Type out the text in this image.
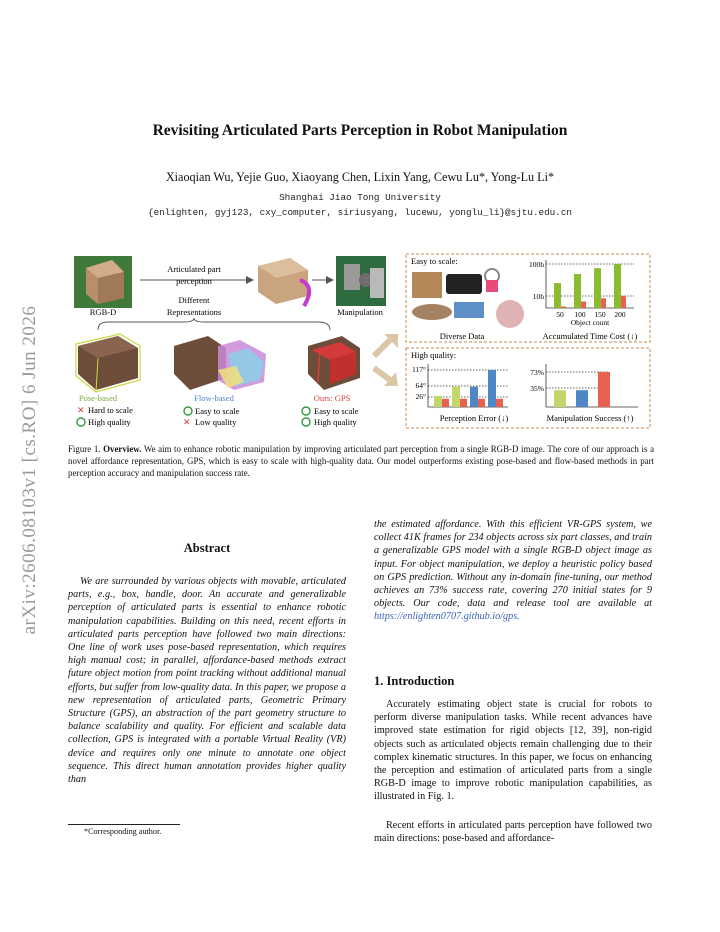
arXiv:2606.08103v1 [cs.RO] 6 Jun 2026
Revisiting Articulated Parts Perception in Robot Manipulation
Xiaoqian Wu, Yejie Guo, Xiaoyang Chen, Lixin Yang, Cewu Lu*, Yong-Lu Li*
Shanghai Jiao Tong University
{enlighten, gyj123, cxy_computer, siriusyang, lucewu, yonglu_li}@sjtu.edu.cn
RGB-D
Articulated part
perception
Manipulation
Different
Representations
Pose-based
✕ Hard to scale
High quality
Flow-based
Easy to scale
✕ Low quality
Ours: GPS
Easy to scale
High quality
Easy to scale:
Diverse Data
100h
10h
50 100 150 200
Object count
Accumulated Time Cost (↓)
High quality:
117°
64°
26°
Perception Error (↓)
73%
35%
Manipulation Success (↑)
Figure 1. Overview. We aim to enhance robotic manipulation by improving articulated part perception from a single RGB-D image. The core of our approach is a novel affordance representation, GPS, which is easy to scale with high-quality data. Our model outperforms existing pose-based and flow-based methods in part perception accuracy and manipulation success rate.
Abstract
We are surrounded by various objects with movable, articulated parts, e.g., box, handle, door. An accurate and generalizable perception of articulated parts is essential to enhance robotic manipulation capabilities. Building on this need, recent efforts in articulated parts perception have followed two main directions: One line of work uses pose-based representation, which requires high manual cost; in parallel, affordance-based methods extract future object motion from point tracking without additional manual efforts, but suffer from low-quality data. In this paper, we propose a new representation of articulated parts, Geometric Primary Structure (GPS), an abstraction of the part geometry structure to balance scalability and quality. For efficient and scalable data collection, GPS is integrated with a portable Virtual Reality (VR) device and requires only one minute to annotate one object sequence. This direct human annotation provides higher quality than
the estimated affordance. With this efficient VR-GPS system, we collect 41K frames for 234 objects across six part classes, and train a generalizable GPS model with a single RGB-D object image as input. For object manipulation, we deploy a heuristic policy based on GPS prediction. Without any in-domain fine-tuning, our method achieves an 73% success rate, covering 270 initial states for 9 objects. Our code, data and release tool are available at https://enlighten0707.github.io/gps.
1. Introduction
Accurately estimating object state is crucial for robots to perform diverse manipulation tasks. While recent advances have improved state estimation for rigid objects [12, 39], non-rigid objects such as articulated objects remain challenging due to their complex kinematic structures. In this paper, we focus on enhancing the perception and estimation of articulated parts from a single RGB-D image to improve robotic manipulation capabilities, as illustrated in Fig. 1.
Recent efforts in articulated parts perception have followed two main directions: pose-based and affordance-
*Corresponding author.
